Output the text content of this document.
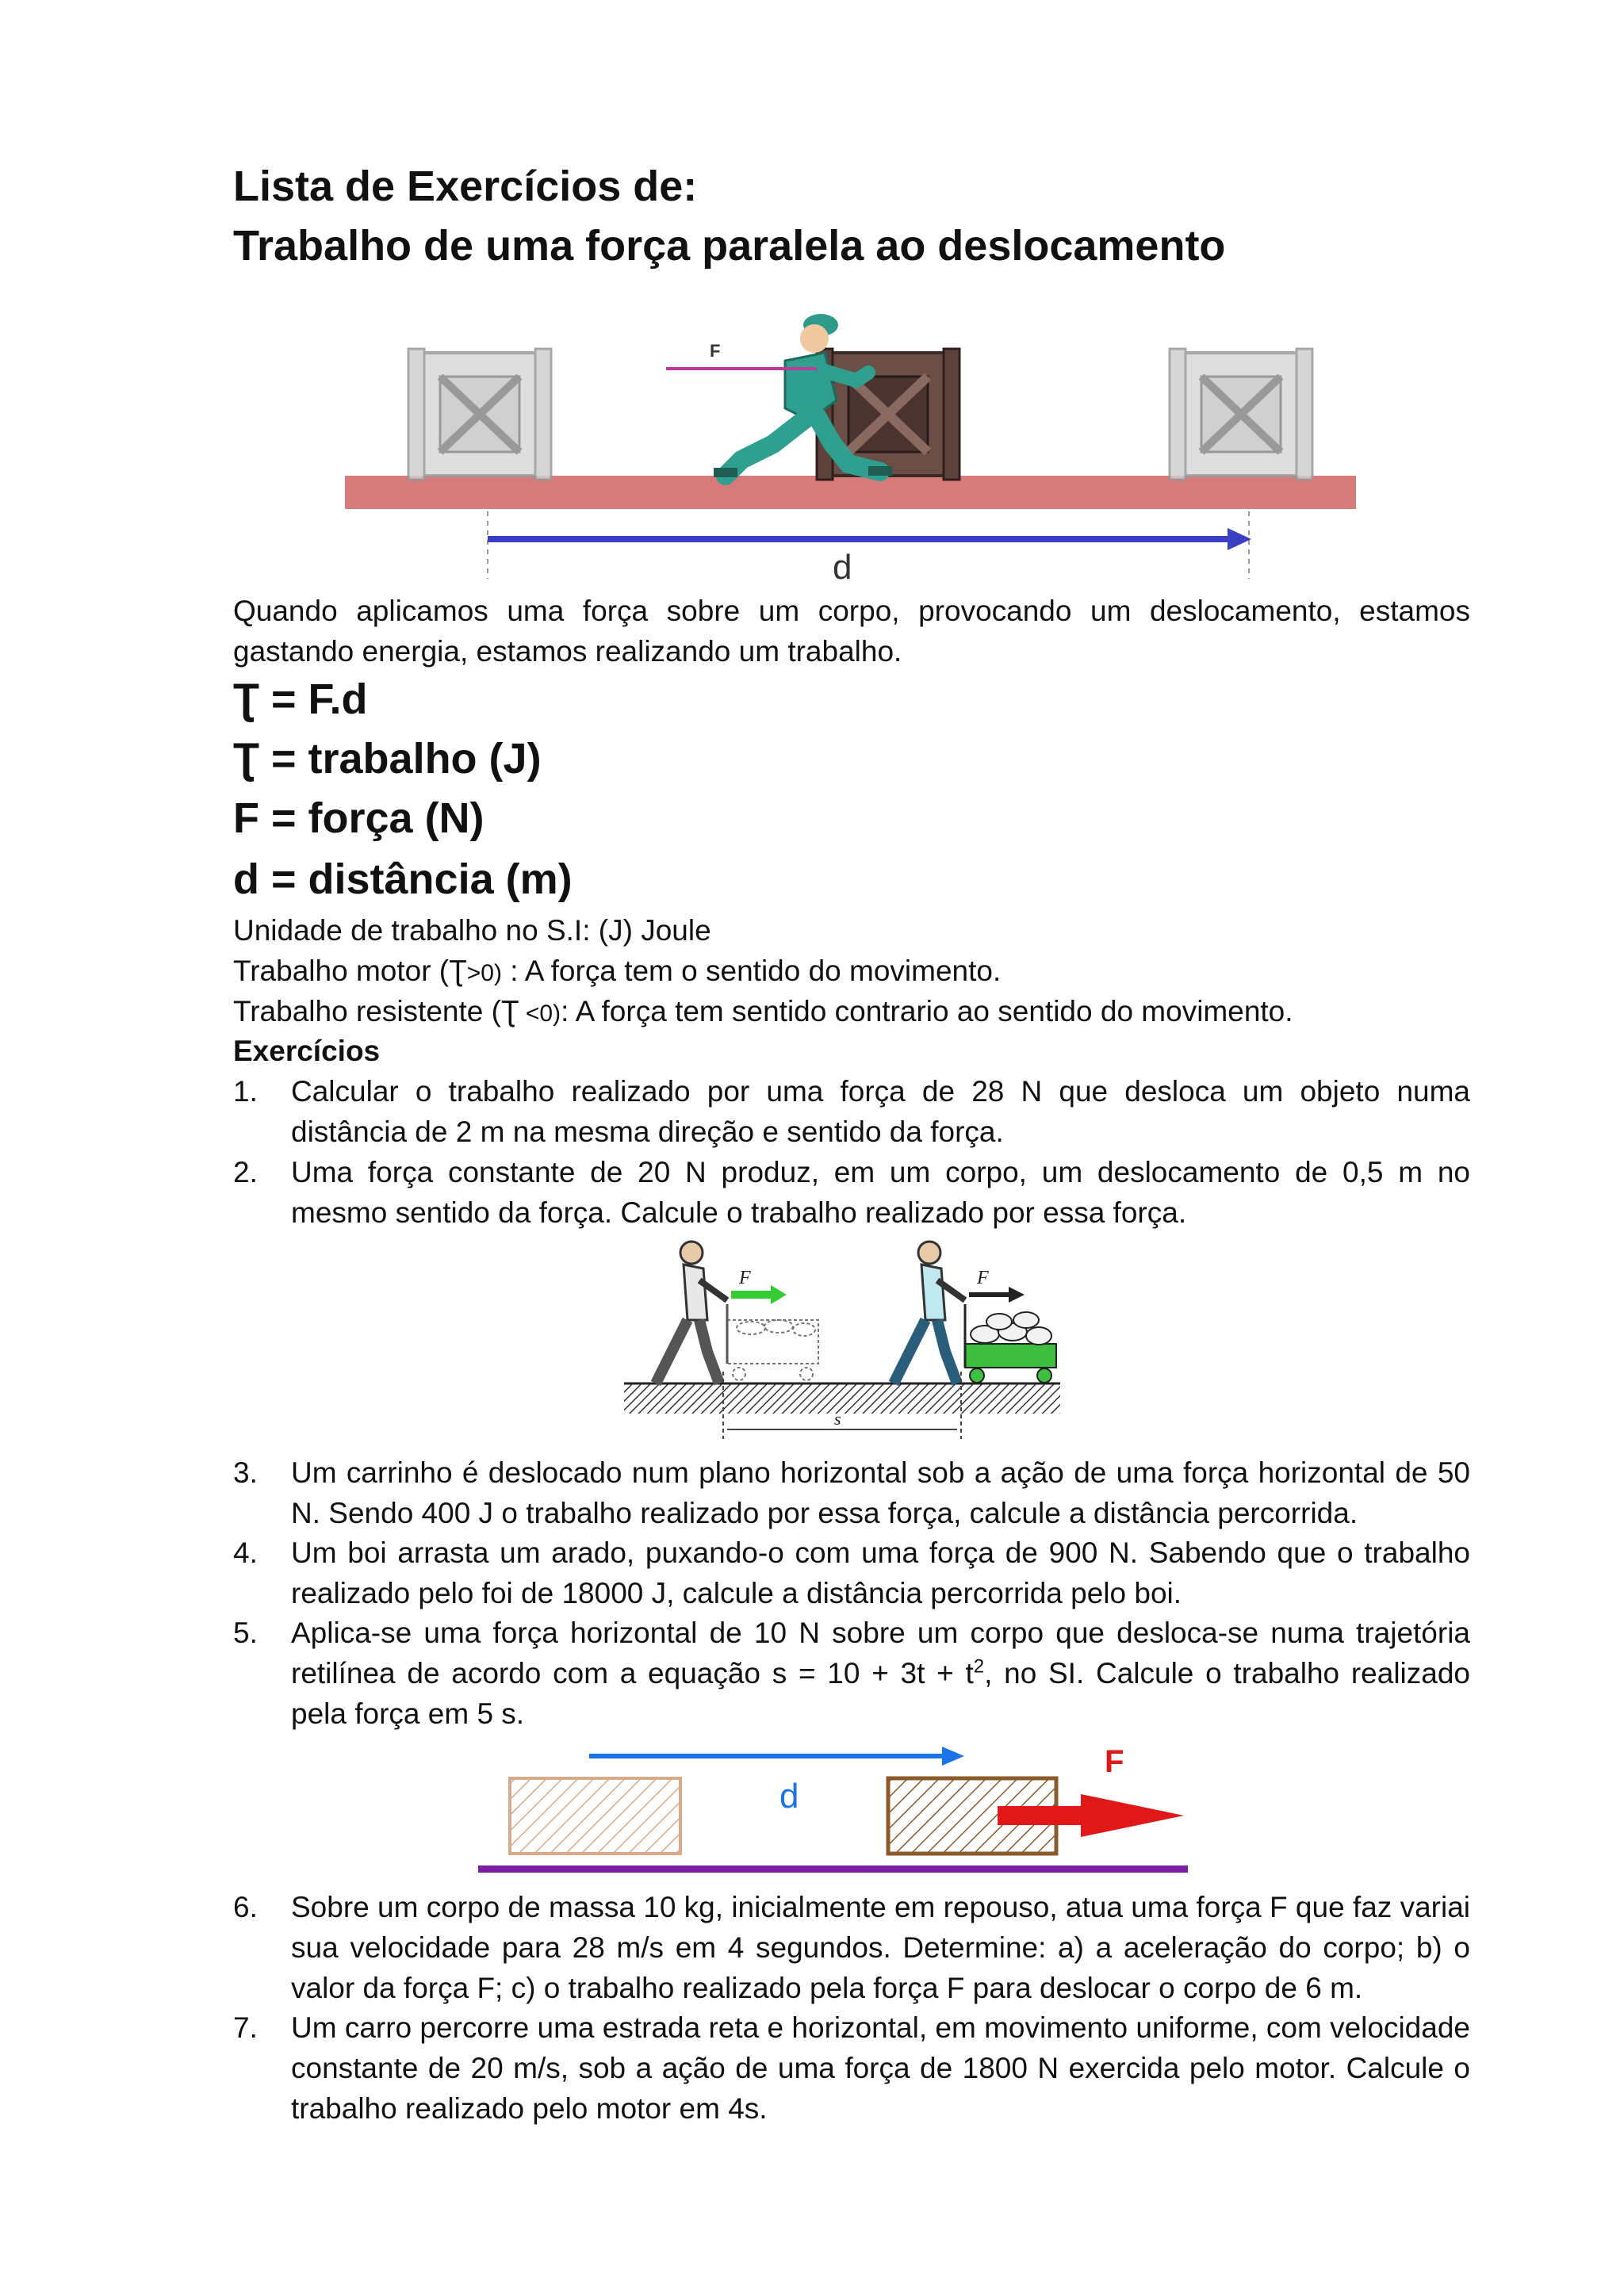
Lista de Exercícios de:
Trabalho de uma força paralela ao deslocamento
F
d

Quando aplicamos uma força sobre um corpo, provocando um deslocamento, estamos gastando energia, estamos realizando um trabalho.

Ʈ = F.d

Ʈ = trabalho (J)

F = força (N)

d = distância (m)

Unidade de trabalho no S.I: (J) Joule

Trabalho motor (Ʈ>0) : A força tem o sentido do movimento.

Trabalho resistente (Ʈ <0): A força tem sentido contrario ao sentido do movimento.

Exercícios
1.	Calcular o trabalho realizado por uma força de 28 N que desloca um objeto numa distância de 2 m na mesma direção e sentido da força.
2.	Uma força constante de 20 N produz, em um corpo, um deslocamento de 0,5 m no mesmo sentido da força. Calcule o trabalho realizado por essa força.
F	F
s
3.	Um carrinho é deslocado num plano horizontal sob a ação de uma força horizontal de 50 N. Sendo 400 J o trabalho realizado por essa força, calcule a distância percorrida.
4.	Um boi arrasta um arado, puxando-o com uma força de 900 N. Sabendo que o trabalho realizado pelo foi de 18000 J, calcule a distância percorrida pelo boi.
5.	Aplica-se uma força horizontal de 10 N sobre um corpo que desloca-se numa trajetória retilínea de acordo com a equação $s = 10 + 3t + t^2$, no SI. Calcule o trabalho realizado pela força em 5 s.
d
F
6.	Sobre um corpo de massa 10 kg, inicialmente em repouso, atua uma força F que faz variai sua velocidade para 28 m/s em 4 segundos. Determine: a) a aceleração do corpo; b) o valor da força F; c) o trabalho realizado pela força F para deslocar o corpo de 6 m.
7.	Um carro percorre uma estrada reta e horizontal, em movimento uniforme, com velocidade constante de 20 m/s, sob a ação de uma força de 1800 N exercida pelo motor. Calcule o trabalho realizado pelo motor em 4s.
